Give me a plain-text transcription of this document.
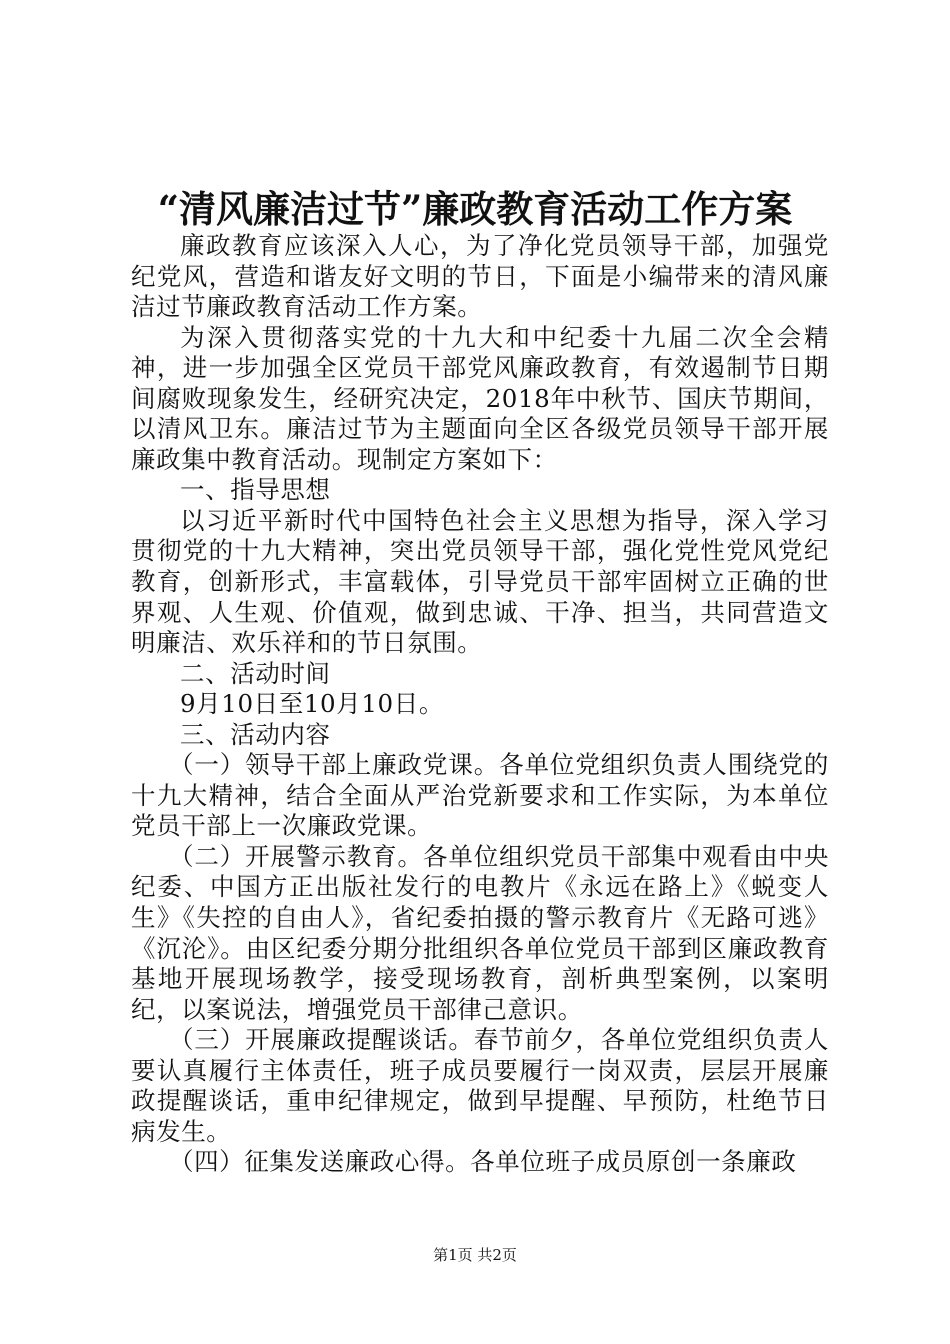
“清风廉洁过节”廉政教育活动工作方案

廉政教育应该深入人心，为了净化党员领导干部，加强党纪党风，营造和谐友好文明的节日，下面是小编带来的清风廉洁过节廉政教育活动工作方案。

为深入贯彻落实党的十九大和中纪委十九届二次全会精神，进一步加强全区党员干部党风廉政教育，有效遏制节日期间腐败现象发生，经研究决定，2018年中秋节、国庆节期间，以清风卫东。廉洁过节为主题面向全区各级党员领导干部开展廉政集中教育活动。现制定方案如下：

一、指导思想

以习近平新时代中国特色社会主义思想为指导，深入学习贯彻党的十九大精神，突出党员领导干部，强化党性党风党纪教育，创新形式，丰富载体，引导党员干部牢固树立正确的世界观、人生观、价值观，做到忠诚、干净、担当，共同营造文明廉洁、欢乐祥和的节日氛围。

二、活动时间

9月10日至10月10日。

三、活动内容

（一）领导干部上廉政党课。各单位党组织负责人围绕党的十九大精神，结合全面从严治党新要求和工作实际，为本单位党员干部上一次廉政党课。

（二）开展警示教育。各单位组织党员干部集中观看由中央纪委、中国方正出版社发行的电教片《永远在路上》《蜕变人生》《失控的自由人》，省纪委拍摄的警示教育片《无路可逃》《沉沦》。由区纪委分期分批组织各单位党员干部到区廉政教育基地开展现场教学，接受现场教育，剖析典型案例，以案明纪，以案说法，增强党员干部律己意识。

（三）开展廉政提醒谈话。春节前夕，各单位党组织负责人要认真履行主体责任，班子成员要履行一岗双责，层层开展廉政提醒谈话，重申纪律规定，做到早提醒、早预防，杜绝节日病发生。

（四）征集发送廉政心得。各单位班子成员原创一条廉政

第1页 共2页
